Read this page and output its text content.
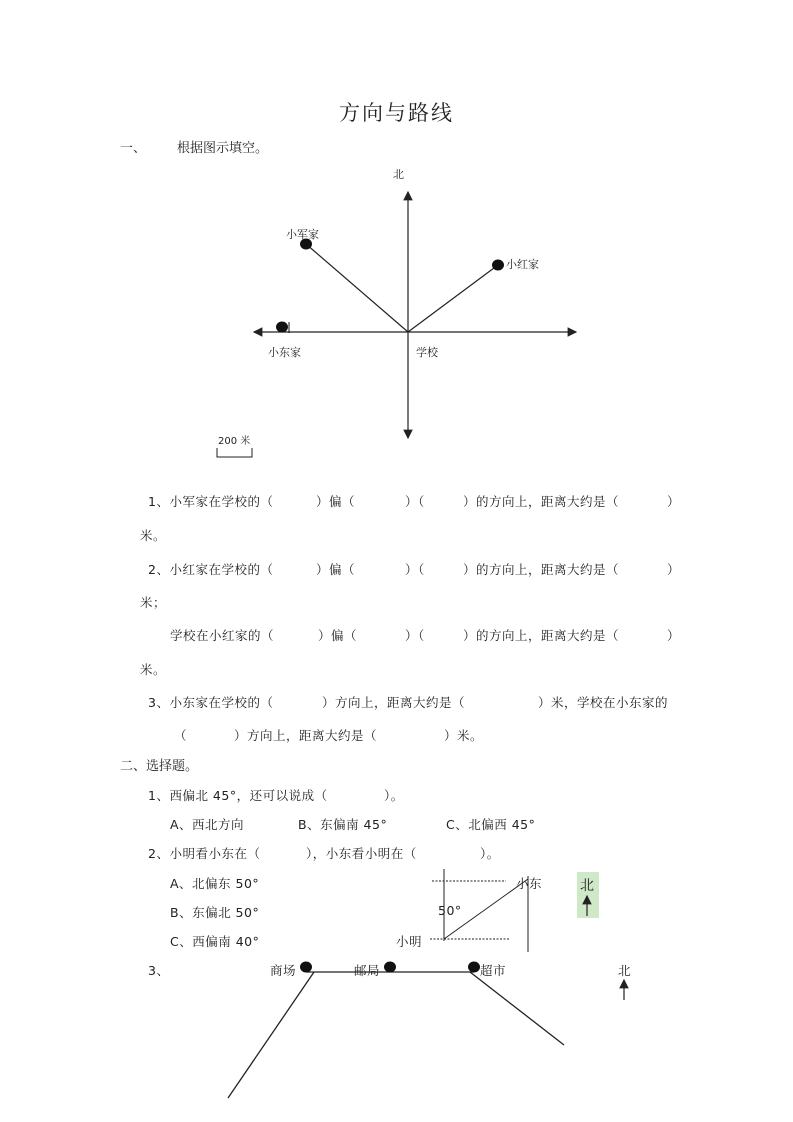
方向与路线
一、 根据图示填空。
北
小军家
小红家
小东家	学校
200 米
1、小军家在学校的（	）偏（	）（	）的方向上，距离大约是（	）
米。
2、小红家在学校的（	）偏（	）（	）的方向上，距离大约是（	）
米；
学校在小红家的（	）偏（	）（	）的方向上，距离大约是（	）
米。
3、小东家在学校的（	）方向上，距离大约是（	）米，学校在小东家的
（	）方向上，距离大约是（	）米。
二、选择题。
1、西偏北 45°，还可以说成（	）。
A、西北方向	B、东偏南 45°	C、北偏西 45°
2、小明看小东在（	），小东看小明在（	）。
A、北偏东 50°
B、东偏北 50°
C、西偏南 40°
小东
小明
50°
北
3、	商场	邮局	超市	北
